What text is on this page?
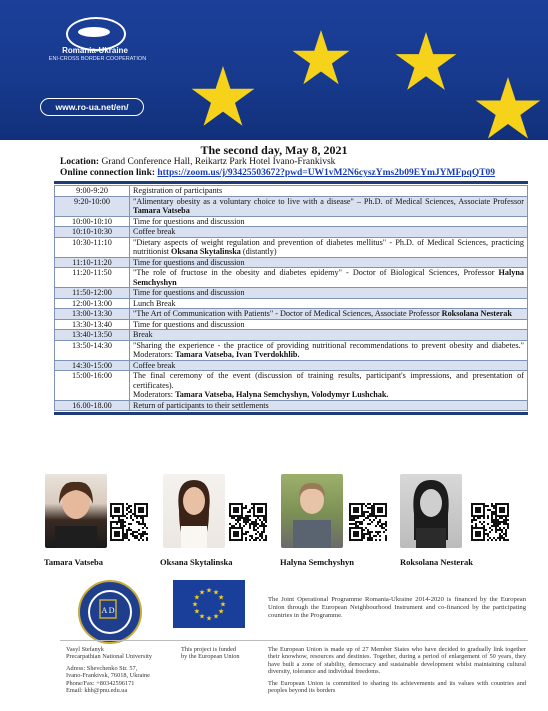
Romania-Ukraine
ENI-CROSS BORDER COOPERATION
www.ro-ua.net/en/
The second day, May 8, 2021
Location: Grand Conference Hall, Reikartz Park Hotel Ivano-Frankivsk
Online connection link: https://zoom.us/j/93425503672?pwd=UW1vM2N6cyszYms2b09EYmJYMFpqQT09
9:00-9:20	Registration of participants
9:20-10:00	"Alimentary obesity as a voluntary choice to live with a disease" – Ph.D. of Medical Sciences, Associate Professor Tamara Vatseba
10:00-10:10	Time for questions and discussion
10:10-10:30	Coffee break
10:30-11:10	"Dietary aspects of weight regulation and prevention of diabetes mellitus" - Ph.D. of Medical Sciences, practicing nutritionist Oksana Skytalinska (distantly)
11:10-11:20	Time for questions and discussion
11:20-11:50	"The role of fructose in the obesity and diabetes epidemy" - Doctor of Biological Sciences, Professor Halyna Semchyshyn
11:50-12:00	Time for questions and discussion
12:00-13:00	Lunch Break
13:00-13:30	"The Art of Communication with Patients" - Doctor of Medical Sciences, Associate Professor Roksolana Nesterak
13:30-13:40	Time for questions and discussion
13:40-13:50	Break
13:50-14:30	"Sharing the experience - the practice of providing nutritional recommendations to prevent obesity and diabetes." Moderators: Tamara Vatseba, Ivan Tverdokhlib.
14:30-15:00	Coffee break
15:00-16:00	The final ceremony of the event (discussion of training results, participant's impressions, and presentation of certificates).
Moderators: Tamara Vatseba, Halyna Semchyshyn, Volodymyr Lushchak.
16.00-18.00	Return of participants to their settlements
Tamara Vatseba	Oksana Skytalinska	Halyna Semchyshyn	Roksolana Nesterak
A D
★ ★
★
★
★
★
★
★
★
★
★
★
The Joint Operational Programme Romania-Ukraine 2014-2020 is financed by the European Union through the European Neighbourhood Instrument and co-financed by the participating countries in the Programme.
Vasyl Stefanyk
Precarpathian National University
Adress: Shevchenko Str. 57,
Ivano-Frankivsk, 76018, Ukraine
Phone/Fax: +80342596171
Email: khh@pnu.edu.ua
This project is funded
by the European Union
The European Union is made up of 27 Member States who have decided to gradually link together their knowhow, resources and destinies. Together, during a period of enlargement of 50 years, they have built a zone of stability, democracy and sustainable development whilst maintaining cultural diversity, tolerance and individual freedoms.
The European Union is committed to sharing its achievements and its values with countries and peoples beyond its borders
